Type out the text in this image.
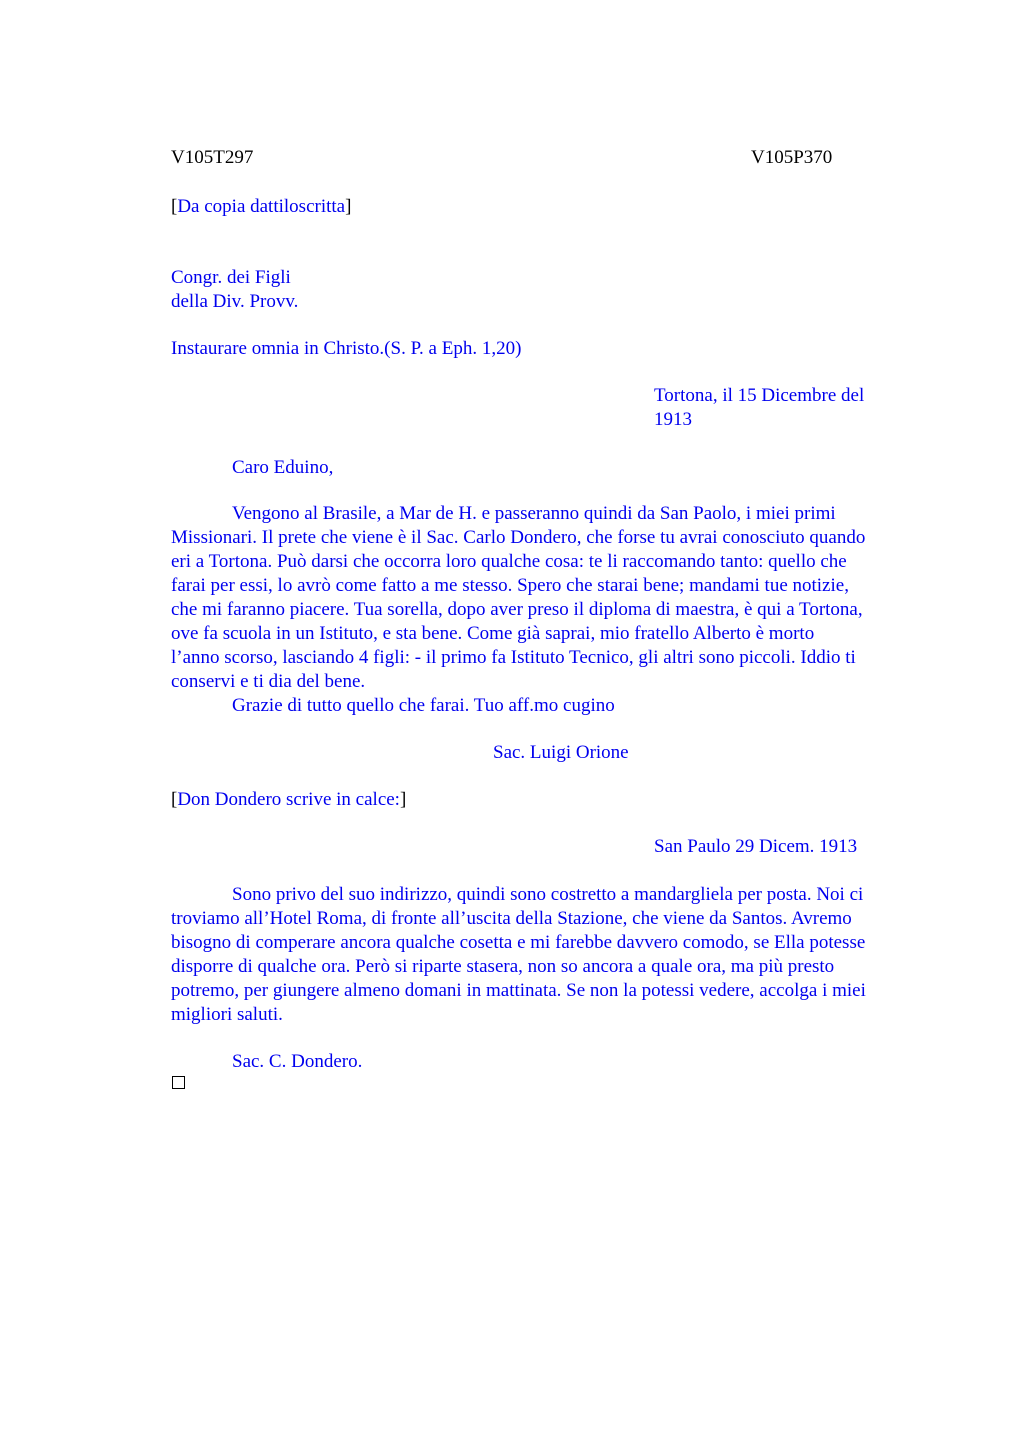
V105T297	V105P370
[Da copia dattiloscritta]
Congr. dei Figli
della Div. Provv.
Instaurare omnia in Christo.(S. P. a Eph. 1,20)
Tortona, il 15 Dicembre del
1913
Caro Eduino,
Vengono al Brasile, a Mar de H. e passeranno quindi da San Paolo, i miei primi
Missionari. Il prete che viene è il Sac. Carlo Dondero, che forse tu avrai conosciuto quando
eri a Tortona. Può darsi che occorra loro qualche cosa: te li raccomando tanto: quello che
farai per essi, lo avrò come fatto a me stesso. Spero che starai bene; mandami tue notizie,
che mi faranno piacere. Tua sorella, dopo aver preso il diploma di maestra, è qui a Tortona,
ove fa scuola in un Istituto, e sta bene. Come già saprai, mio fratello Alberto è morto
l’anno scorso, lasciando 4 figli: - il primo fa Istituto Tecnico, gli altri sono piccoli. Iddio ti
conservi e ti dia del bene.
Grazie di tutto quello che farai. Tuo aff.mo cugino
Sac. Luigi Orione
[Don Dondero scrive in calce:]
San Paulo 29 Dicem. 1913
Sono privo del suo indirizzo, quindi sono costretto a mandargliela per posta. Noi ci
troviamo all’Hotel Roma, di fronte all’uscita della Stazione, che viene da Santos. Avremo
bisogno di comperare ancora qualche cosetta e mi farebbe davvero comodo, se Ella potesse
disporre di qualche ora. Però si riparte stasera, non so ancora a quale ora, ma più presto
potremo, per giungere almeno domani in mattinata. Se non la potessi vedere, accolga i miei
migliori saluti.
Sac. C. Dondero.
